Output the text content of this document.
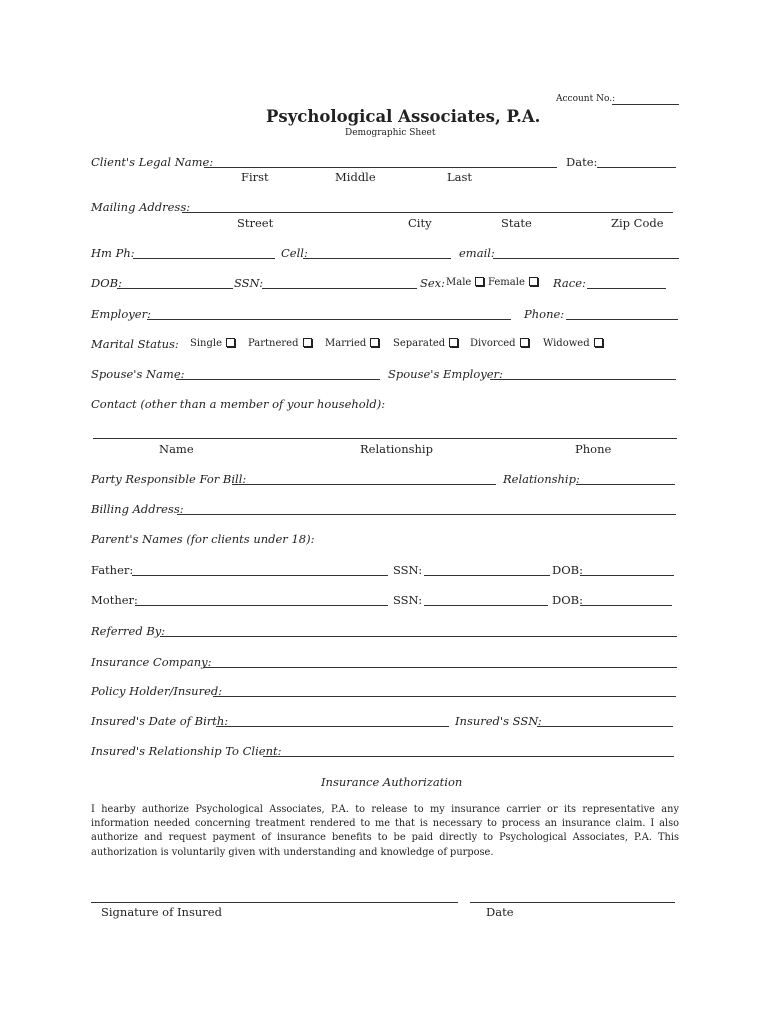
Account No.:
Psychological Associates, P.A.
Demographic Sheet
Client's Legal Name:	Date:
First	Middle	Last
Mailing Address:
Street	City	State	Zip Code
Hm Ph:	Cell:	email:
DOB:	SSN:	Sex: Male	Female	Race:
Employer:	Phone:
Marital Status: Single	Partnered	Married	Separated	Divorced	Widowed
Spouse's Name:	Spouse's Employer:
Contact (other than a member of your household):
Name	Relationship	Phone
Party Responsible For Bill:	Relationship:
Billing Address:
Parent's Names (for clients under 18):
Father:	SSN:	DOB:
Mother:	SSN:	DOB:
Referred By:
Insurance Company:
Policy Holder/Insured:
Insured's Date of Birth:	Insured's SSN:
Insured's Relationship To Client:
Insurance Authorization
I hearby authorize Psychological Associates, P.A. to release to my insurance carrier or its representative any information needed concerning treatment rendered to me that is necessary to process an insurance claim. I also authorize and request payment of insurance benefits to be paid directly to Psychological Associates, P.A. This authorization is voluntarily given with understanding and knowledge of purpose.
Signature of Insured	Date
